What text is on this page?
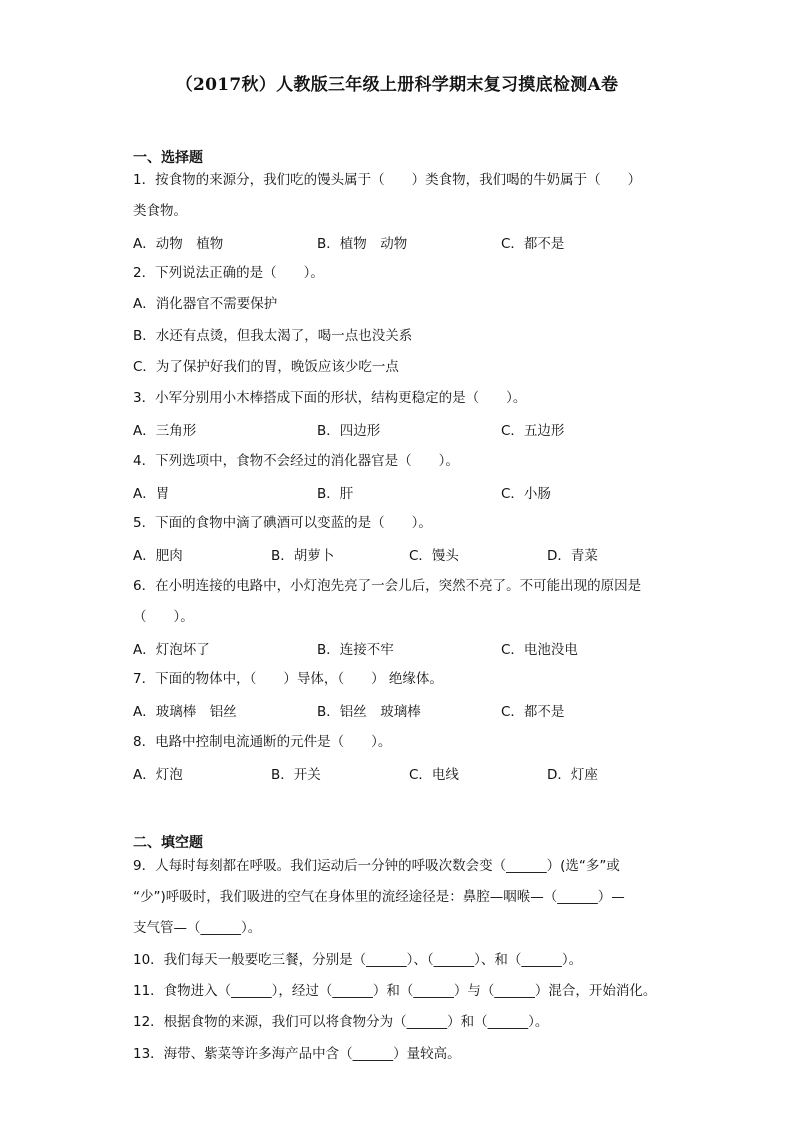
（2017秋）人教版三年级上册科学期末复习摸底检测A卷
一、选择题
1．按食物的来源分，我们吃的馒头属于（　　）类食物，我们喝的牛奶属于（　　）
类食物。
A．动物　植物	B．植物　动物	C．都不是
2．下列说法正确的是（　　）。
A．消化器官不需要保护
B．水还有点烫，但我太渴了，喝一点也没关系
C．为了保护好我们的胃，晚饭应该少吃一点
3．小军分别用小木棒搭成下面的形状，结构更稳定的是（　　）。
A．三角形	B．四边形	C．五边形
4．下列选项中，食物不会经过的消化器官是（　　）。
A．胃	B．肝	C．小肠
5．下面的食物中滴了碘酒可以变蓝的是（　　）。
A．肥肉	B．胡萝卜	C．馒头	D．青菜
6．在小明连接的电路中，小灯泡先亮了一会儿后，突然不亮了。不可能出现的原因是
（　　）。
A．灯泡坏了	B．连接不牢	C．电池没电
7．下面的物体中，（　　）导体，（　　） 绝缘体。
A．玻璃棒　铝丝	B．铝丝　玻璃棒	C．都不是
8．电路中控制电流通断的元件是（　　）。
A．灯泡	B．开关	C．电线	D．灯座
二、填空题
9．人每时每刻都在呼吸。我们运动后一分钟的呼吸次数会变（______）(选“多”或
“少”)呼吸时，我们吸进的空气在身体里的流经途径是：鼻腔—咽喉—（______）—
支气管—（______）。
10．我们每天一般要吃三餐，分别是（______）、（______）、和（______）。
11．食物进入（______），经过（______）和（______）与（______）混合，开始消化。
12．根据食物的来源，我们可以将食物分为（______）和（______）。
13．海带、紫菜等许多海产品中含（______）量较高。
